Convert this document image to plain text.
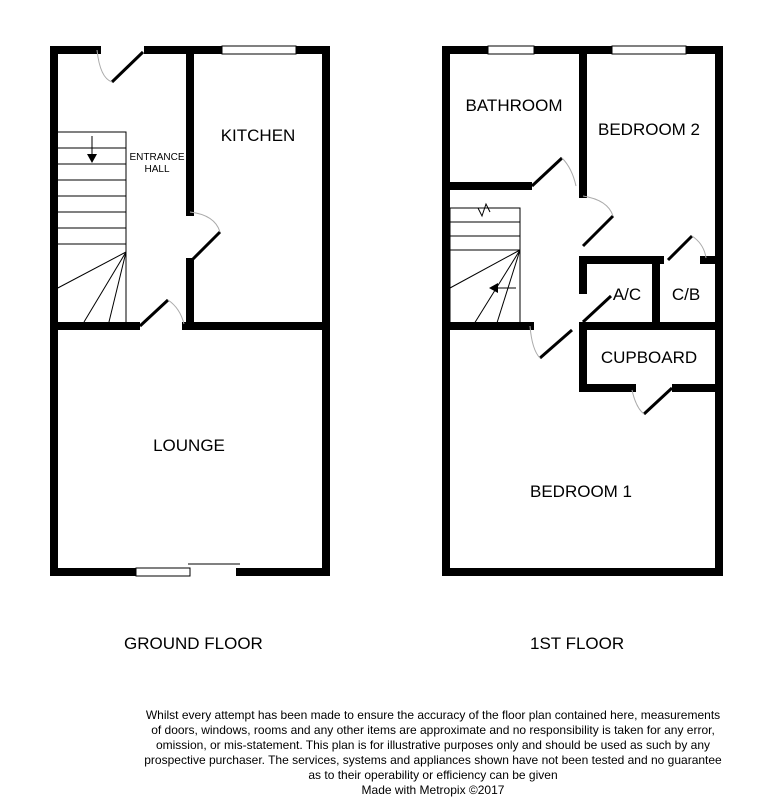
ENTRANCE
HALL
KITCHEN
LOUNGE
BATHROOM
BEDROOM 2
A/C C/B
CUPBOARD
BEDROOM 1
GROUND FLOOR	1ST FLOOR
Whilst every attempt has been made to ensure the accuracy of the floor plan contained here, measurements
of doors, windows, rooms and any other items are approximate and no responsibility is taken for any error,
omission, or mis-statement. This plan is for illustrative purposes only and should be used as such by any
prospective purchaser. The services, systems and appliances shown have not been tested and no guarantee
as to their operability or efficiency can be given
Made with Metropix ©2017
